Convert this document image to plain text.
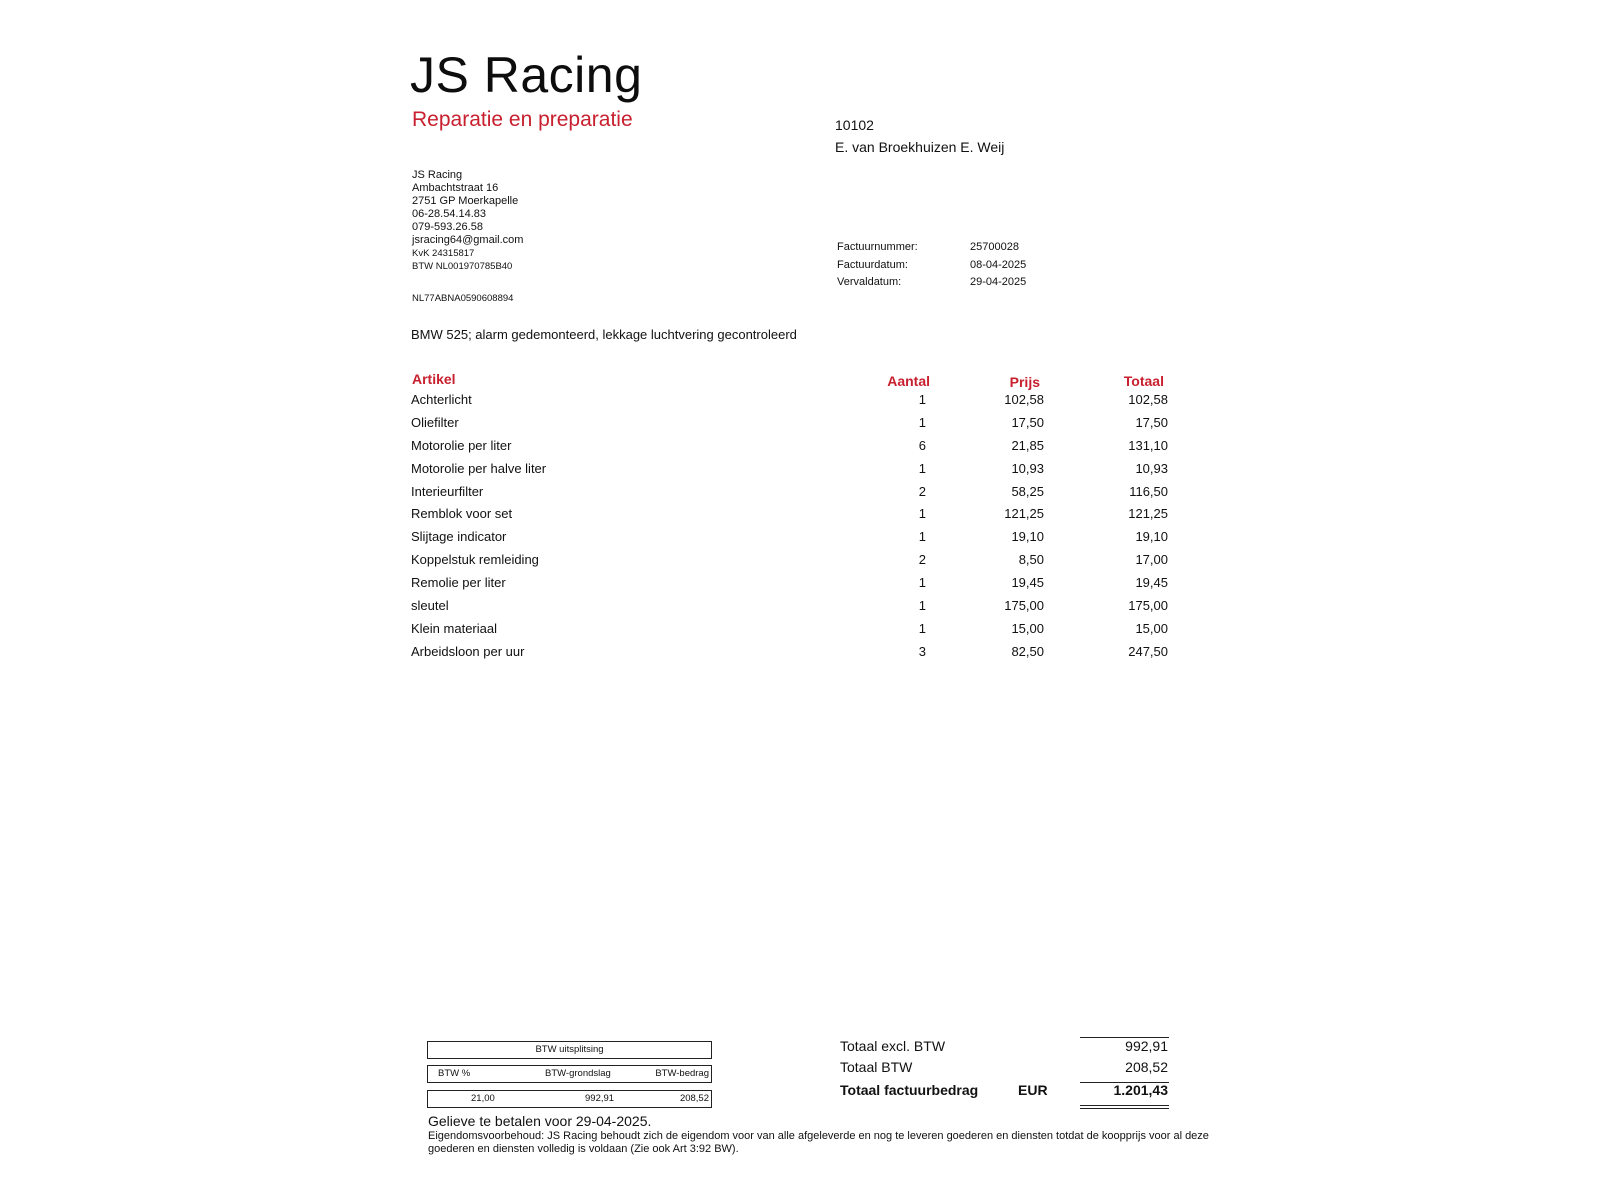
JS Racing
Reparatie en preparatie	10102
E. van Broekhuizen E. Weij
JS Racing
Ambachtstraat 16
2751 GP Moerkapelle
06-28.54.14.83
079-593.26.58
jsracing64@gmail.com
KvK 24315817
BTW NL001970785B40
NL77ABNA0590608894
Factuurnummer:	25700028
Factuurdatum:	08-04-2025
Vervaldatum:	29-04-2025
BMW 525; alarm gedemonteerd, lekkage luchtvering gecontroleerd
Artikel	Aantal	Prijs	Totaal
Achterlicht	1	102,58	102,58
Oliefilter	1	17,50	17,50
Motorolie per liter	6	21,85	131,10
Motorolie per halve liter	1	10,93	10,93
Interieurfilter	2	58,25	116,50
Remblok voor set	1	121,25	121,25
Slijtage indicator	1	19,10	19,10
Koppelstuk remleiding	2	8,50	17,00
Remolie per liter	1	19,45	19,45
sleutel	1	175,00	175,00
Klein materiaal	1	15,00	15,00
Arbeidsloon per uur	3	82,50	247,50
BTW uitsplitsing
BTW %	BTW-grondslag	BTW-bedrag
21,00	992,91	208,52
Totaal excl. BTW	992,91
Totaal BTW	208,52
Totaal factuurbedrag	EUR	1.201,43
Gelieve te betalen voor 29-04-2025.
Eigendomsvoorbehoud: JS Racing behoudt zich de eigendom voor van alle afgeleverde en nog te leveren goederen en diensten totdat de koopprijs voor al deze goederen en diensten volledig is voldaan (Zie ook Art 3:92 BW).
